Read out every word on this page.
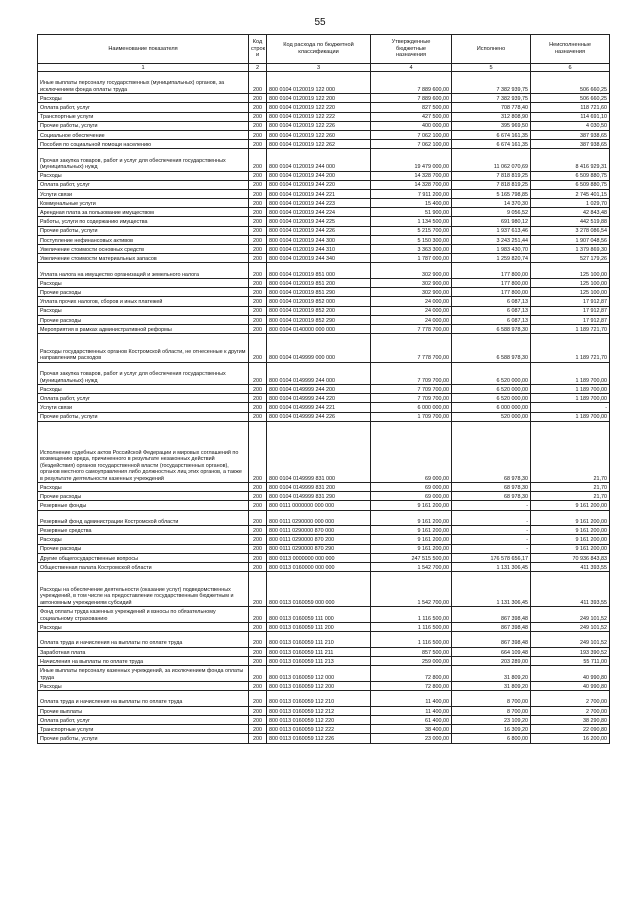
55
Наименование показателя	Код
строк
и	Код расхода по бюджетной
классификации	Утвержденные
бюджетные
назначения	Исполнено	Неисполненные
назначения
1	2	3	4	5	6
Иные выплаты персоналу государственных (муниципальных) органов, за исключением фонда оплаты труда	200	800 0104 0120019 122 000	7 889 600,00	7 382 939,75	506 660,25
Расходы	200	800 0104 0120019 122 200	7 889 600,00	7 382 939,75	506 660,25
Оплата работ, услуг	200	800 0104 0120019 122 220	827 500,00	708 778,40	118 721,60
Транспортные услуги	200	800 0104 0120019 122 222	427 500,00	312 808,90	114 691,10
Прочие работы, услуги	200	800 0104 0120019 122 226	400 000,00	395 969,50	4 030,50
Социальное обеспечение	200	800 0104 0120019 122 260	7 062 100,00	6 674 161,35	387 938,65
Пособия по социальной помощи населению	200	800 0104 0120019 122 262	7 062 100,00	6 674 161,35	387 938,65

Прочая закупка товаров, работ и услуг для обеспечения государственных (муниципальных) нужд	200	800 0104 0120019 244 000	19 479 000,00	11 062 070,69	8 416 929,31
Расходы	200	800 0104 0120019 244 200	14 328 700,00	7 818 819,25	6 509 880,75
Оплата работ, услуг	200	800 0104 0120019 244 220	14 328 700,00	7 818 819,25	6 509 880,75
Услуги связи	200	800 0104 0120019 244 221	7 911 200,00	5 165 798,85	2 745 401,15
Коммунальные услуги	200	800 0104 0120019 244 223	15 400,00	14 370,30	1 029,70
Арендная плата за пользование имуществом	200	800 0104 0120019 244 224	51 900,00	9 056,52	42 843,48
Работы, услуги по содержанию имущества	200	800 0104 0120019 244 225	1 134 500,00	691 980,12	442 519,88
Прочие работы, услуги	200	800 0104 0120019 244 226	5 215 700,00	1 937 613,46	3 278 086,54
Поступление нефинансовых активов	200	800 0104 0120019 244 300	5 150 300,00	3 243 251,44	1 907 048,56
Увеличение стоимости основных средств	200	800 0104 0120019 244 310	3 363 300,00	1 983 430,70	1 379 869,30
Увеличение стоимости материальных запасов	200	800 0104 0120019 244 340	1 787 000,00	1 259 820,74	527 179,26
Уплата налога на имущество организаций и земельного налога	200	800 0104 0120019 851 000	302 900,00	177 800,00	125 100,00
Расходы	200	800 0104 0120019 851 200	302 900,00	177 800,00	125 100,00
Прочие расходы	200	800 0104 0120019 851 290	302 900,00	177 800,00	125 100,00
Уплата прочих налогов, сборов и иных платежей	200	800 0104 0120019 852 000	24 000,00	6 087,13	17 912,87
Расходы	200	800 0104 0120019 852 200	24 000,00	6 087,13	17 912,87
Прочие расходы	200	800 0104 0120019 852 290	24 000,00	6 087,13	17 912,87
Мероприятия в рамках административной реформы	200	800 0104 0140000 000 000	7 778 700,00	6 588 978,30	1 189 721,70

Расходы государственных органов Костромской области, не отнесенные к другим направлениям расходов	200	800 0104 0149999 000 000	7 778 700,00	6 588 978,30	1 189 721,70

Прочая закупка товаров, работ и услуг для обеспечения государственных (муниципальных) нужд	200	800 0104 0149999 244 000	7 709 700,00	6 520 000,00	1 189 700,00
Расходы	200	800 0104 0149999 244 200	7 709 700,00	6 520 000,00	1 189 700,00
Оплата работ, услуг	200	800 0104 0149999 244 220	7 709 700,00	6 520 000,00	1 189 700,00
Услуги связи	200	800 0104 0149999 244 221	6 000 000,00	6 000 000,00	-
Прочие работы, услуги	200	800 0104 0149999 244 226	1 709 700,00	520 000,00	1 189 700,00

Исполнение судебных актов Российской Федерации и мировых соглашений по возмещению вреда, причиненного в результате незаконных действий (бездействия) органов государственной власти (государственных органов), органов местного самоуправления либо должностных лиц этих органов, а также в результате деятельности казенных учреждений	200	800 0104 0149999 831 000	69 000,00	68 978,30	21,70
Расходы	200	800 0104 0149999 831 200	69 000,00	68 978,30	21,70
Прочие расходы	200	800 0104 0149999 831 290	69 000,00	68 978,30	21,70
Резервные фонды	200	800 0111 0000000 000 000	9 161 200,00	-	9 161 200,00

Резервный фонд администрации Костромской области	200	800 0111 0290000 000 000	9 161 200,00	-	9 161 200,00
Резервные средства	200	800 0111 0290000 870 000	9 161 200,00	-	9 161 200,00
Расходы	200	800 0111 0290000 870 200	9 161 200,00	-	9 161 200,00
Прочие расходы	200	800 0111 0290000 870 290	9 161 200,00	-	9 161 200,00
Другие общегосударственные вопросы	200	800 0113 0000000 000 000	247 515 500,00	176 578 656,17	70 936 843,83
Общественная палата Костромской области	200	800 0113 0160000 000 000	1 542 700,00	1 131 306,45	411 393,55
Расходы на обеспечение деятельности (оказание услуг) подведомственных учреждений, в том числе на предоставление государственным бюджетным и автономным учреждениям субсидий	200	800 0113 0160059 000 000	1 542 700,00	1 131 306,45	411 393,55
Фонд оплаты труда казенных учреждений и взносы по обязательному социальному страхованию	200	800 0113 0160059 111 000	1 116 500,00	867 398,48	249 101,52
Расходы	200	800 0113 0160059 111 200	1 116 500,00	867 398,48	249 101,52

Оплата труда и начисления на выплаты по оплате труда	200	800 0113 0160059 111 210	1 116 500,00	867 398,48	249 101,52
Заработная плата	200	800 0113 0160059 111 211	857 500,00	664 109,48	193 390,52
Начисления на выплаты по оплате труда	200	800 0113 0160059 111 213	259 000,00	203 289,00	55 711,00
Иные выплаты персоналу казенных учреждений, за исключением фонда оплаты труда	200	800 0113 0160059 112 000	72 800,00	31 809,20	40 990,80
Расходы	200	800 0113 0160059 112 200	72 800,00	31 809,20	40 990,80

Оплата труда и начисления на выплаты по оплате труда	200	800 0113 0160059 112 210	11 400,00	8 700,00	2 700,00
Прочие выплаты	200	800 0113 0160059 112 212	11 400,00	8 700,00	2 700,00
Оплата работ, услуг	200	800 0113 0160059 112 220	61 400,00	23 109,20	38 290,80
Транспортные услуги	200	800 0113 0160059 112 222	38 400,00	16 309,20	22 090,80
Прочие работы, услуги	200	800 0113 0160059 112 226	23 000,00	6 800,00	16 200,00
